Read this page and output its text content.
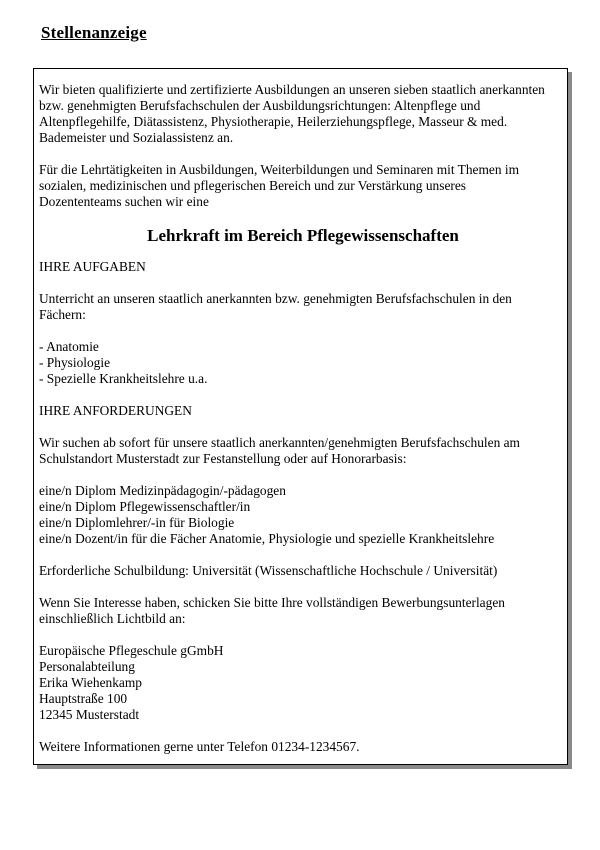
Stellenanzeige

Wir bieten qualifizierte und zertifizierte Ausbildungen an unseren sieben staatlich anerkannten
bzw. genehmigten Berufsfachschulen der Ausbildungsrichtungen: Altenpflege und
Altenpflegehilfe, Diätassistenz, Physiotherapie, Heilerziehungspflege, Masseur & med.
Bademeister und Sozialassistenz an.

Für die Lehrtätigkeiten in Ausbildungen, Weiterbildungen und Seminaren mit Themen im
sozialen, medizinischen und pflegerischen Bereich und zur Verstärkung unseres
Dozententeams suchen wir eine

Lehrkraft im Bereich Pflegewissenschaften
IHRE AUFGABEN

Unterricht an unseren staatlich anerkannten bzw. genehmigten Berufsfachschulen in den
Fächern:

- Anatomie
- Physiologie
- Spezielle Krankheitslehre u.a.

IHRE ANFORDERUNGEN

Wir suchen ab sofort für unsere staatlich anerkannten/genehmigten Berufsfachschulen am
Schulstandort Musterstadt zur Festanstellung oder auf Honorarbasis:

eine/n Diplom Medizinpädagogin/-pädagogen
eine/n Diplom Pflegewissenschaftler/in
eine/n Diplomlehrer/-in für Biologie
eine/n Dozent/in für die Fächer Anatomie, Physiologie und spezielle Krankheitslehre

Erforderliche Schulbildung: Universität (Wissenschaftliche Hochschule / Universität)

Wenn Sie Interesse haben, schicken Sie bitte Ihre vollständigen Bewerbungsunterlagen
einschließlich Lichtbild an:

Europäische Pflegeschule gGmbH
Personalabteilung
Erika Wiehenkamp
Hauptstraße 100
12345 Musterstadt

Weitere Informationen gerne unter Telefon 01234-1234567.
